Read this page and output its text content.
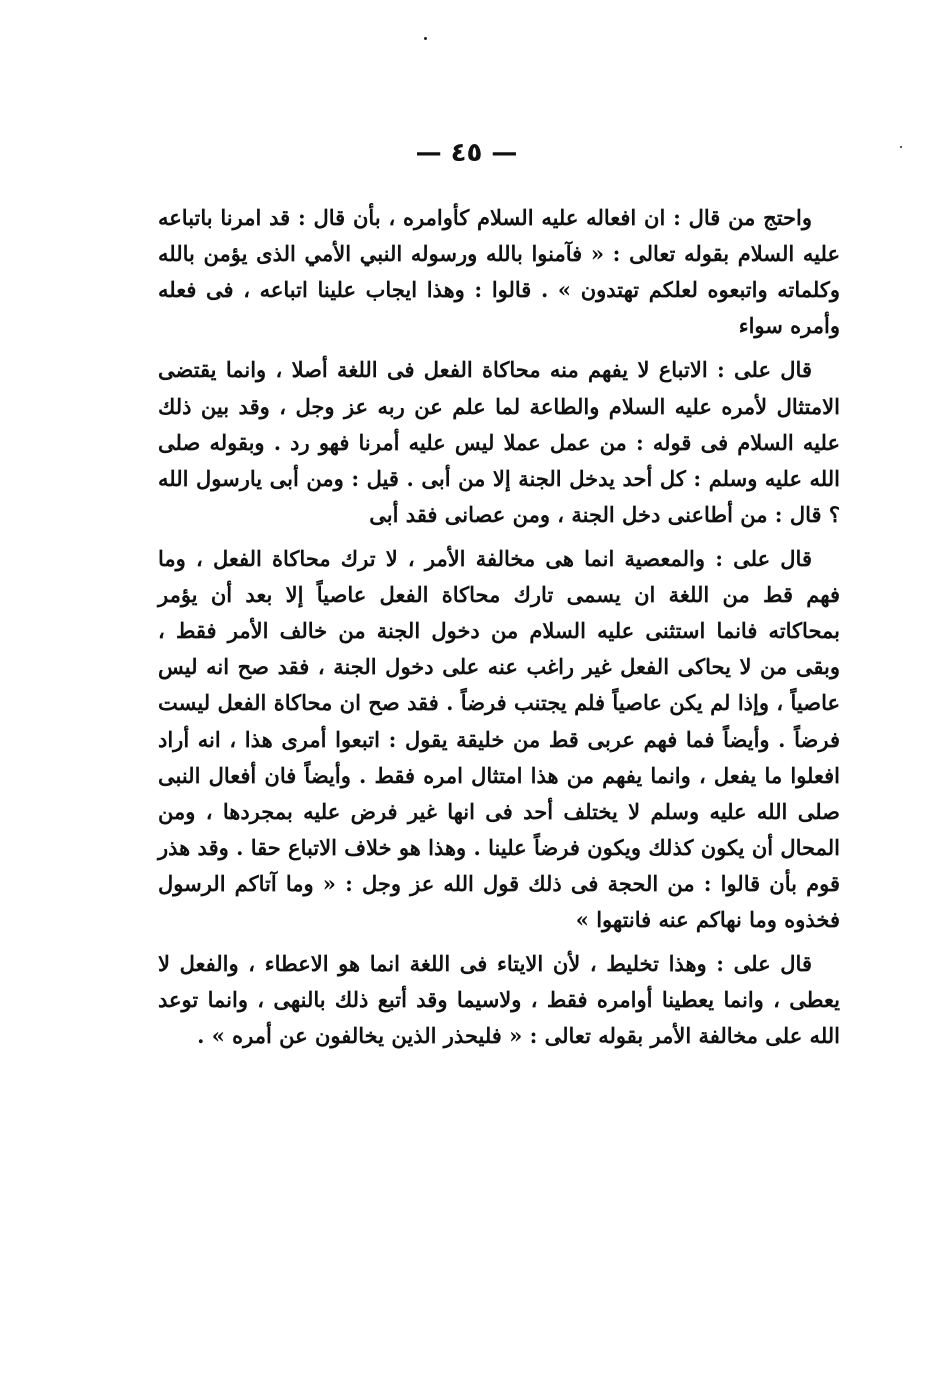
— ٤٥ —

واحتج من قال : ان افعاله عليه السلام كأوامره ، بأن قال : قد امرنا باتباعه عليه السلام بقوله تعالى : « فآمنوا بالله ورسوله النبي الأمي الذى يؤمن بالله وكلماته واتبعوه لعلكم تهتدون » . قالوا : وهذا ايجاب علينا اتباعه ، فى فعله وأمره سواء

قال على : الاتباع لا يفهم منه محاكاة الفعل فى اللغة أصلا ، وانما يقتضى الامتثال لأمره عليه السلام والطاعة لما علم عن ربه عز وجل ، وقد بين ذلك عليه السلام فى قوله : من عمل عملا ليس عليه أمرنا فهو رد . وبقوله صلى الله عليه وسلم : كل أحد يدخل الجنة إلا من أبى . قيل : ومن أبى يارسول الله ؟ قال : من أطاعنى دخل الجنة ، ومن عصانى فقد أبى

قال على : والمعصية انما هى مخالفة الأمر ، لا ترك محاكاة الفعل ، وما فهم قط من اللغة ان يسمى تارك محاكاة الفعل عاصياً إلا بعد أن يؤمر بمحاكاته فانما استثنى عليه السلام من دخول الجنة من خالف الأمر فقط ، وبقى من لا يحاكى الفعل غير راغب عنه على دخول الجنة ، فقد صح انه ليس عاصياً ، وإذا لم يكن عاصياً فلم يجتنب فرضاً . فقد صح ان محاكاة الفعل ليست فرضاً . وأيضاً فما فهم عربى قط من خليقة يقول : اتبعوا أمرى هذا ، انه أراد افعلوا ما يفعل ، وانما يفهم من هذا امتثال امره فقط . وأيضاً فان أفعال النبى صلى الله عليه وسلم لا يختلف أحد فى انها غير فرض عليه بمجردها ، ومن المحال أن يكون كذلك ويكون فرضاً علينا . وهذا هو خلاف الاتباع حقا . وقد هذر قوم بأن قالوا : من الحجة فى ذلك قول الله عز وجل : « وما آتاكم الرسول فخذوه وما نهاكم عنه فانتهوا »

قال على : وهذا تخليط ، لأن الايتاء فى اللغة انما هو الاعطاء ، والفعل لا يعطى ، وانما يعطينا أوامره فقط ، ولاسيما وقد أتبع ذلك بالنهى ، وانما توعد الله على مخالفة الأمر بقوله تعالى : « فليحذر الذين يخالفون عن أمره » .
